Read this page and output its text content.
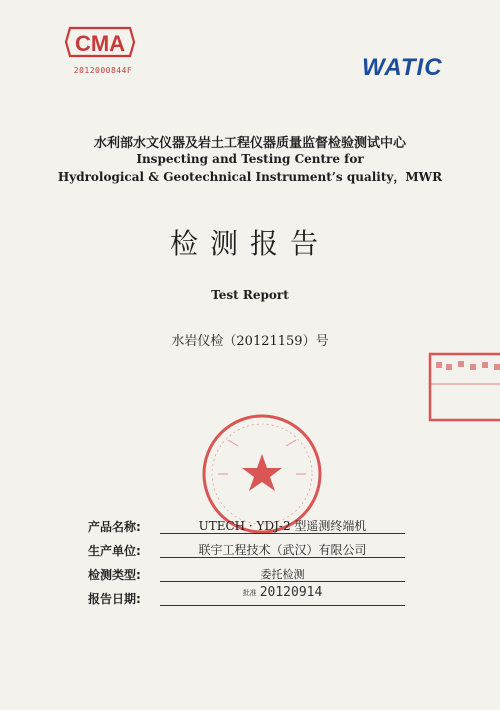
CMA
2012000844F	WATIC
水利部水文仪器及岩土工程仪器质量监督检验测试中心
Inspecting and Testing Centre for
Hydrological & Geotechnical Instrument’s quality，MWR
检测报告
Test Report
水岩仪检（20121159）号
产品名称:	UTECH · YDJ-2 型遥测终端机
生产单位:	联宇工程技术（武汉）有限公司
检测类型:	委托检测
报告日期:	批准 20120914
